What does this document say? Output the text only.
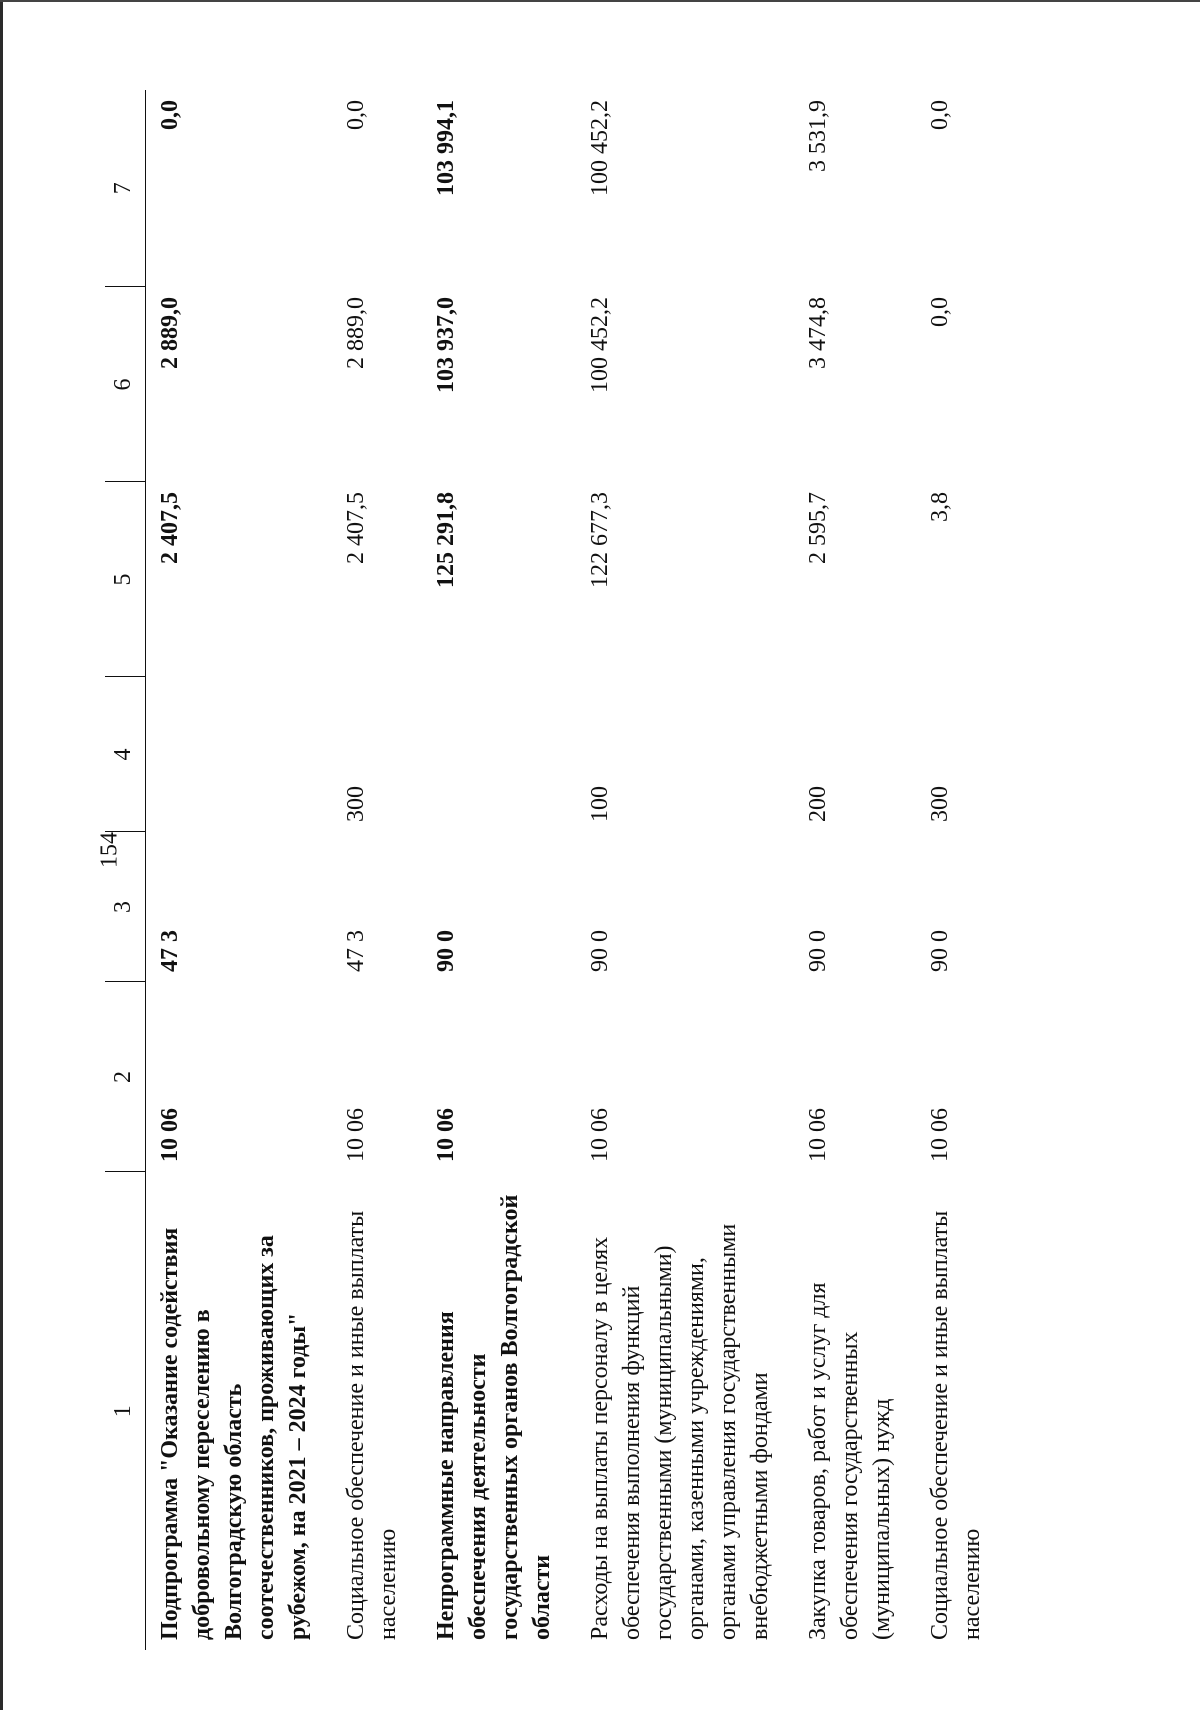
154
1	2	3	4	5	6	7
Подпрограмма "Оказание содействия добровольному переселению в Волгоградскую область соотечественников, проживающих за рубежом, на 2021 – 2024 годы"	10 06	47 3		2 407,5	2 889,0	0,0
Социальное обеспечение и иные выплаты населению	10 06	47 3	300	2 407,5	2 889,0	0,0
Непрограммные направления обеспечения деятельности государственных органов Волгоградской области	10 06	90 0		125 291,8	103 937,0	103 994,1
Расходы на выплаты персоналу в целях обеспечения выполнения функций государственными (муниципальными) органами, казенными учреждениями, органами управления государственными внебюджетными фондами	10 06	90 0	100	122 677,3	100 452,2	100 452,2
Закупка товаров, работ и услуг для обеспечения государственных (муниципальных) нужд	10 06	90 0	200	2 595,7	3 474,8	3 531,9
Социальное обеспечение и иные выплаты населению	10 06	90 0	300	3,8	0,0	0,0
